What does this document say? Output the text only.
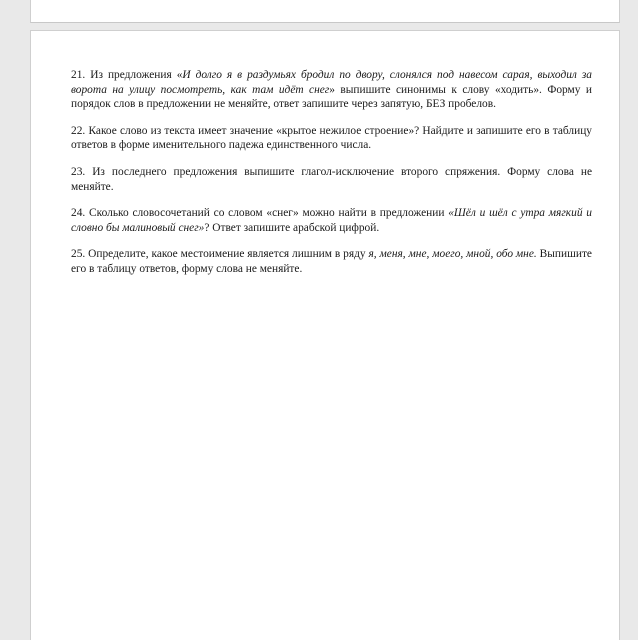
21. Из предложения «И долго я в раздумьях бродил по двору, слонялся под навесом сарая, выходил за ворота на улицу посмотреть, как там идёт снег» выпишите синонимы к слову «ходить». Форму и порядок слов в предложении не меняйте, ответ запишите через запятую, БЕЗ пробелов.

22. Какое слово из текста имеет значение «крытое нежилое строение»? Найдите и запишите его в таблицу ответов в форме именительного падежа единственного числа.

23. Из последнего предложения выпишите глагол-исключение второго спряжения. Форму слова не меняйте.

24. Сколько словосочетаний со словом «снег» можно найти в предложении «Шёл и шёл с утра мягкий и словно бы малиновый снег»? Ответ запишите арабской цифрой.

25. Определите, какое местоимение является лишним в ряду я, меня, мне, моего, мной, обо мне. Выпишите его в таблицу ответов, форму слова не меняйте.
